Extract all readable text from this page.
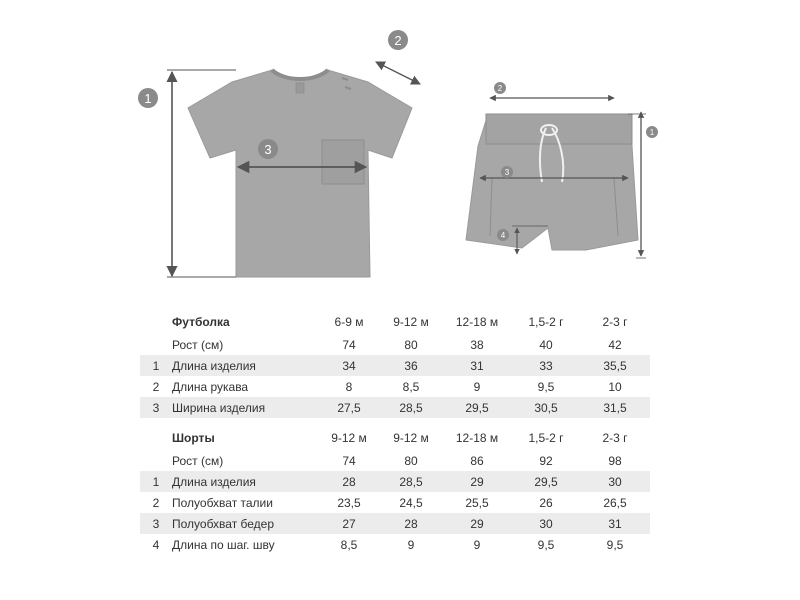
1
2
3
1
2
3
4
	Футболка	6-9 м	9-12 м	12-18 м	1,5-2 г	2-3 г
	Рост (см)	74	80	38	40	42
1	Длина изделия	34	36	31	33	35,5
2	Длина рукава	8	8,5	9	9,5	10
3	Ширина изделия	27,5	28,5	29,5	30,5	31,5
	Шорты	9-12 м	9-12 м	12-18 м	1,5-2 г	2-3 г
	Рост (см)	74	80	86	92	98
1	Длина изделия	28	28,5	29	29,5	30
2	Полуобхват талии	23,5	24,5	25,5	26	26,5
3	Полуобхват бедер	27	28	29	30	31
4	Длина по шаг. шву	8,5	9	9	9,5	9,5
